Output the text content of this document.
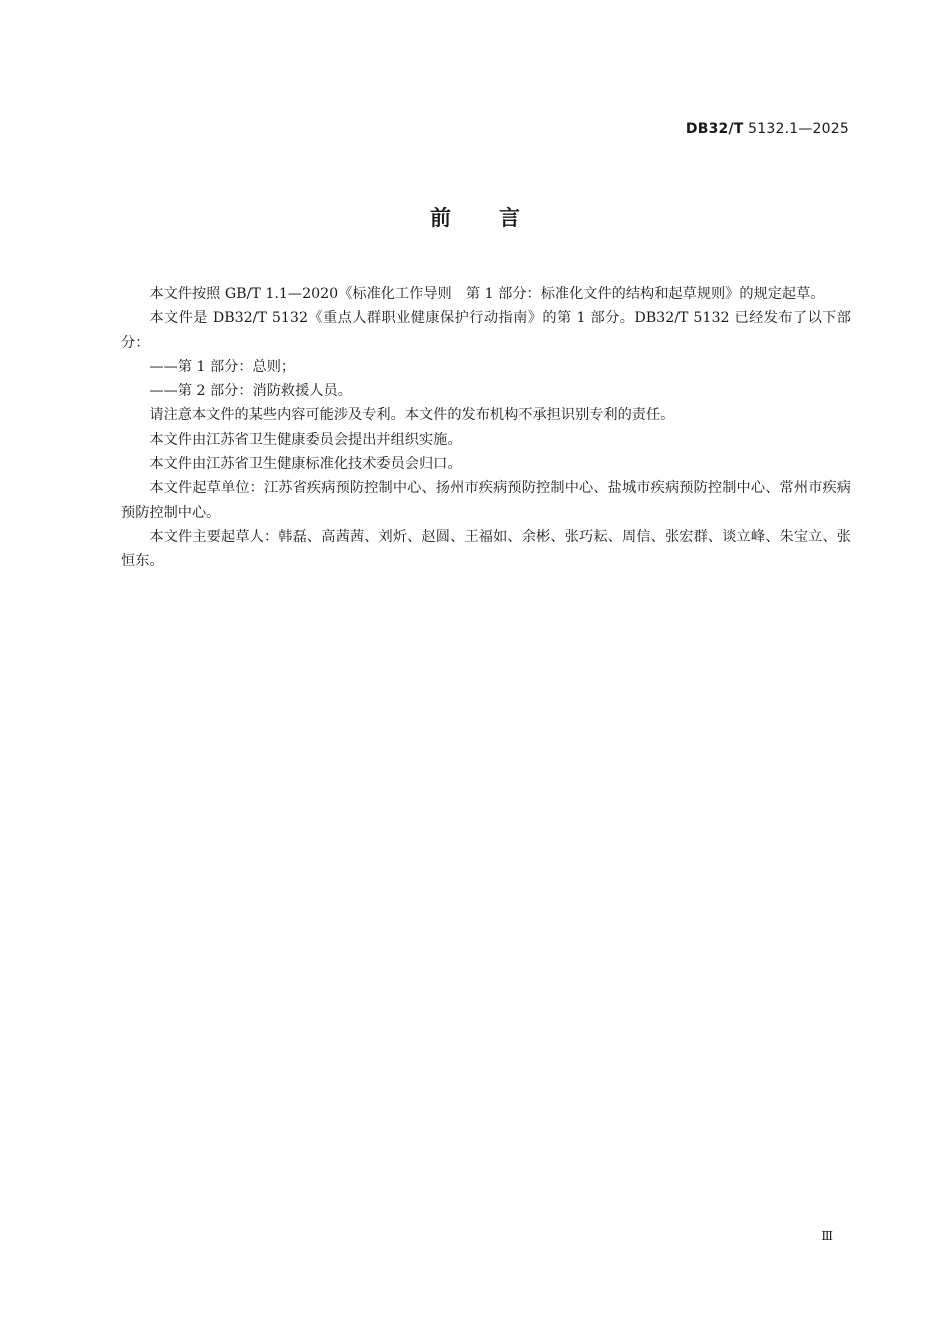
DB32/T 5132.1—2025
前言

本文件按照 GB/T 1.1—2020《标准化工作导则　第 1 部分：标准化文件的结构和起草规则》的规定起草。

本文件是 DB32/T 5132《重点人群职业健康保护行动指南》的第 1 部分。DB32/T 5132 已经发布了以下部分：

——第 1 部分：总则；

——第 2 部分：消防救援人员。

请注意本文件的某些内容可能涉及专利。本文件的发布机构不承担识别专利的责任。

本文件由江苏省卫生健康委员会提出并组织实施。

本文件由江苏省卫生健康标准化技术委员会归口。

本文件起草单位：江苏省疾病预防控制中心、扬州市疾病预防控制中心、盐城市疾病预防控制中心、常州市疾病预防控制中心。

本文件主要起草人：韩磊、高茜茜、刘炘、赵圆、王福如、余彬、张巧耘、周信、张宏群、谈立峰、朱宝立、张恒东。

Ⅲ
